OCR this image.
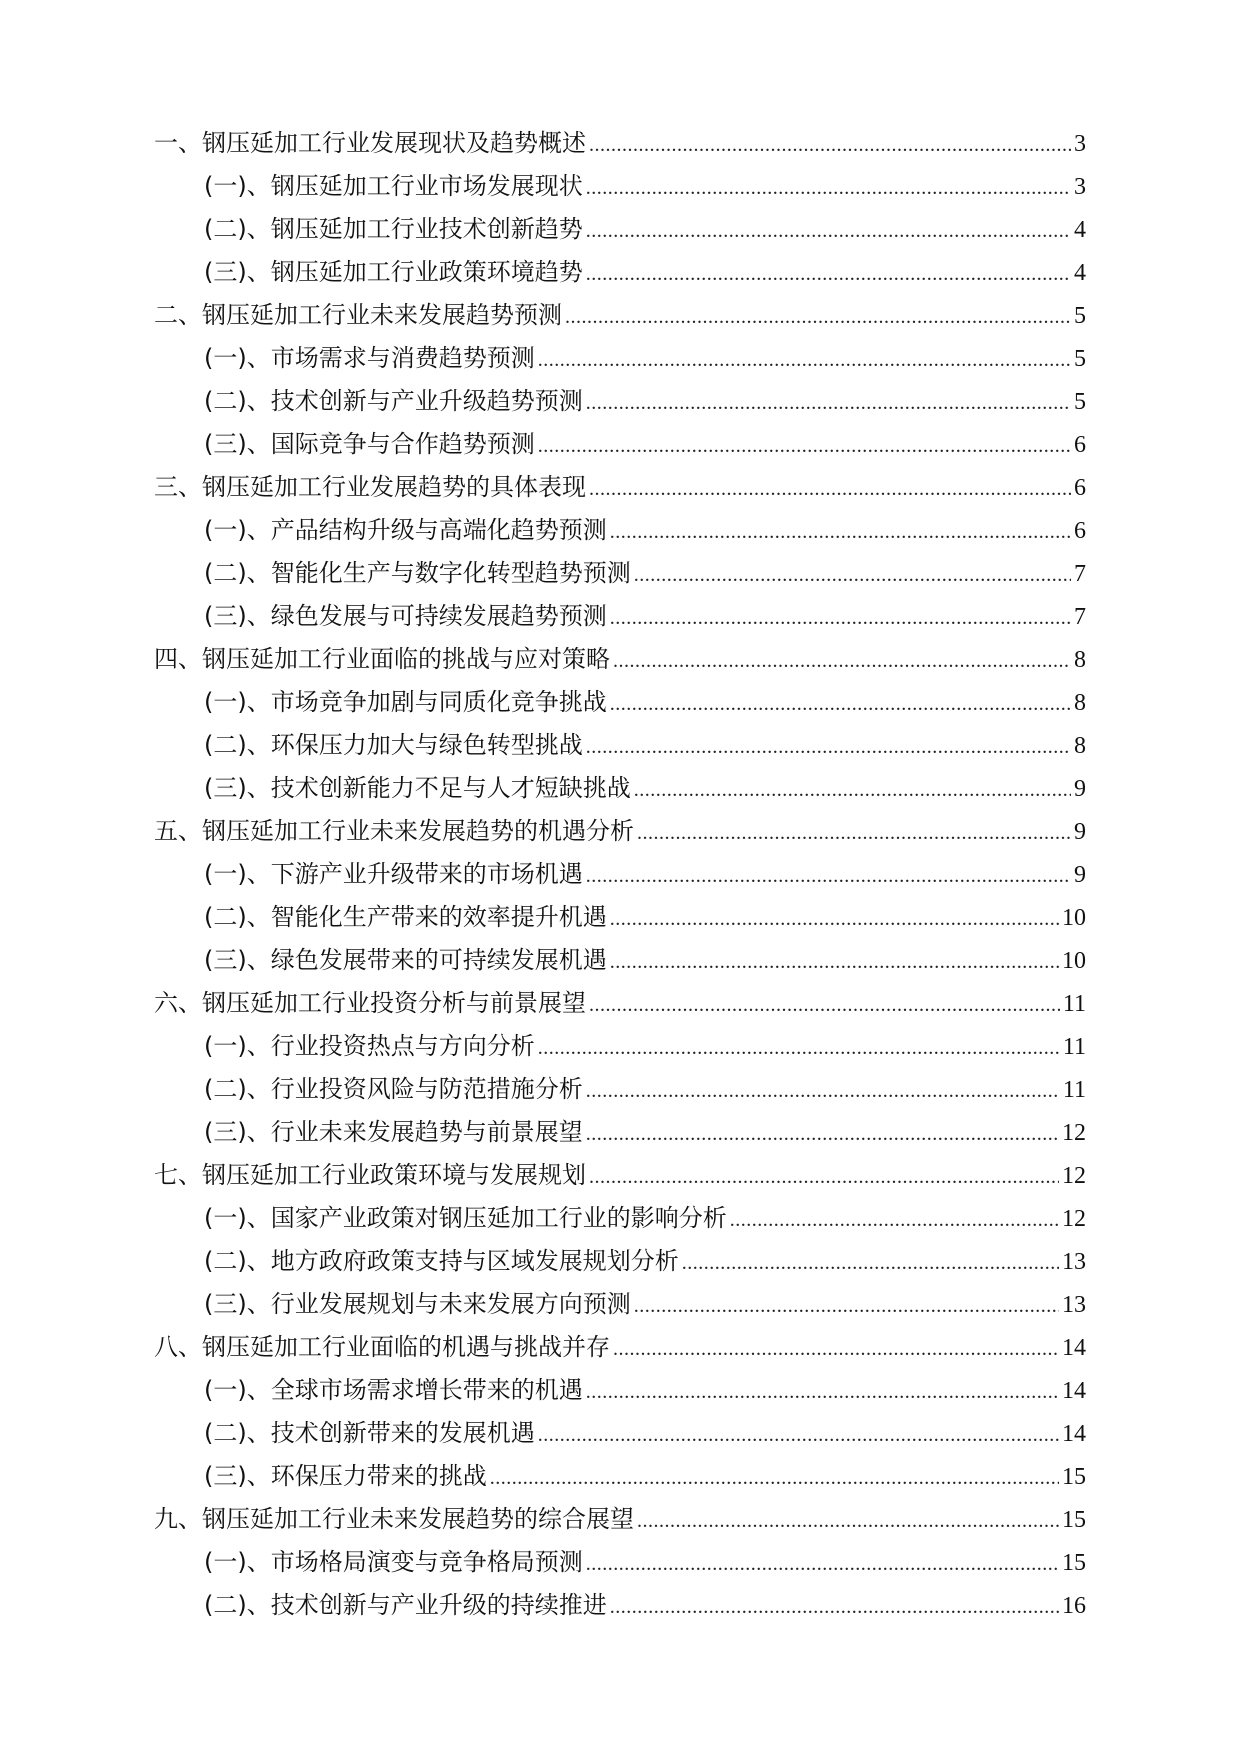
一、钢压延加工行业发展现状及趋势概述 .....	3
(一)、钢压延加工行业市场发展现状 .....	3
(二)、钢压延加工行业技术创新趋势 .....	4
(三)、钢压延加工行业政策环境趋势 .....	4
二、钢压延加工行业未来发展趋势预测 .....	5
(一)、市场需求与消费趋势预测 .....	5
(二)、技术创新与产业升级趋势预测 .....	5
(三)、国际竞争与合作趋势预测 .....	6
三、钢压延加工行业发展趋势的具体表现 .....	6
(一)、产品结构升级与高端化趋势预测 .....	6
(二)、智能化生产与数字化转型趋势预测 .....	7
(三)、绿色发展与可持续发展趋势预测 .....	7
四、钢压延加工行业面临的挑战与应对策略 .....	8
(一)、市场竞争加剧与同质化竞争挑战 .....	8
(二)、环保压力加大与绿色转型挑战 .....	8
(三)、技术创新能力不足与人才短缺挑战 .....	9
五、钢压延加工行业未来发展趋势的机遇分析 .....	9
(一)、下游产业升级带来的市场机遇 .....	9
(二)、智能化生产带来的效率提升机遇 .....	10
(三)、绿色发展带来的可持续发展机遇 .....	10
六、钢压延加工行业投资分析与前景展望 .....	11
(一)、行业投资热点与方向分析 .....	11
(二)、行业投资风险与防范措施分析 .....	11
(三)、行业未来发展趋势与前景展望 .....	12
七、钢压延加工行业政策环境与发展规划 .....	12
(一)、国家产业政策对钢压延加工行业的影响分析 .....	12
(二)、地方政府政策支持与区域发展规划分析 .....	13
(三)、行业发展规划与未来发展方向预测 .....	13
八、钢压延加工行业面临的机遇与挑战并存 .....	14
(一)、全球市场需求增长带来的机遇 .....	14
(二)、技术创新带来的发展机遇 .....	14
(三)、环保压力带来的挑战 .....	15
九、钢压延加工行业未来发展趋势的综合展望 .....	15
(一)、市场格局演变与竞争格局预测 .....	15
(二)、技术创新与产业升级的持续推进 .....	16
